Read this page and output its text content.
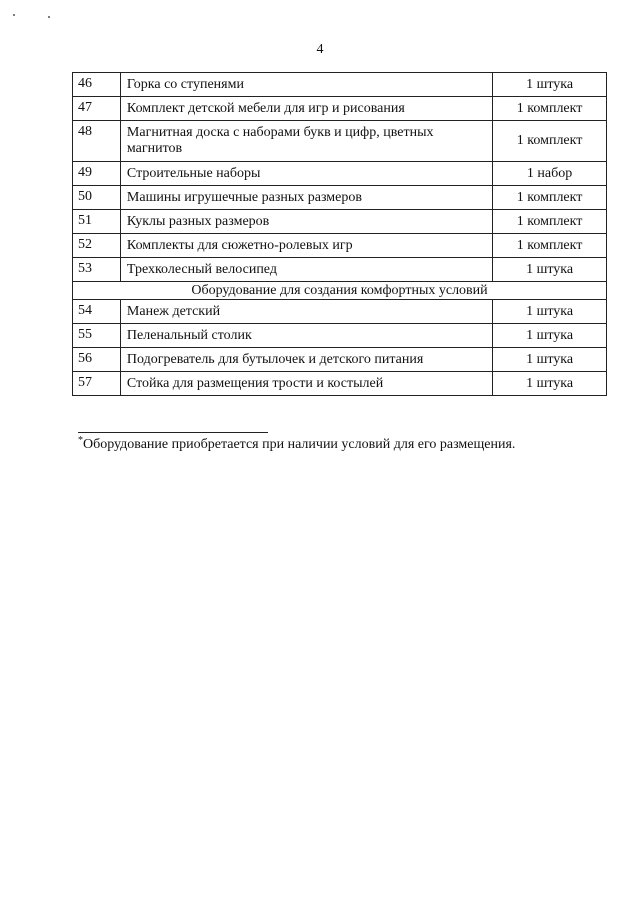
4
46	Горка со ступенями	1 штука
47	Комплект детской мебели для игр и рисования	1 комплект
48	Магнитная доска с наборами букв и цифр, цветных магнитов	1 комплект
49	Строительные наборы	1 набор
50	Машины игрушечные разных размеров	1 комплект
51	Куклы разных размеров	1 комплект
52	Комплекты для сюжетно-ролевых игр	1 комплект
53	Трехколесный велосипед	1 штука
Оборудование для создания комфортных условий		
54	Манеж детский	1 штука
55	Пеленальный столик	1 штука
56	Подогреватель для бутылочек и детского питания	1 штука
57	Стойка для размещения трости и костылей	1 штука
*Оборудование приобретается при наличии условий для его размещения.
